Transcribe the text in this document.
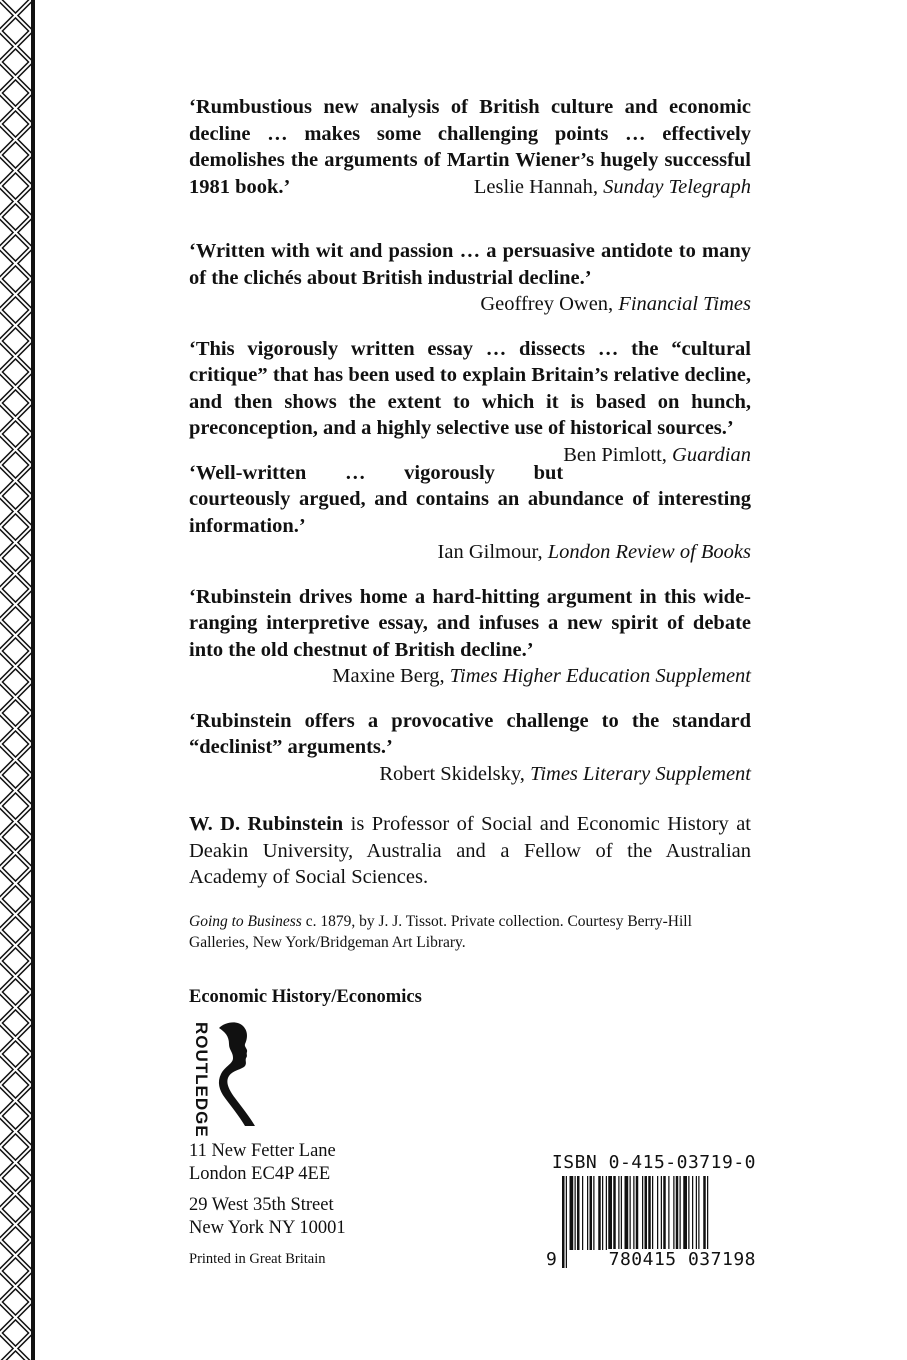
‘Rumbustious new analysis of British culture and economic decline … makes some challenging points … effectively demolishes the arguments of Martin Wiener’s hugely successful 1981 book.’	Leslie Hannah, Sunday Telegraph
‘Written with wit and passion … a persuasive antidote to many of the clichés about British industrial decline.’
Geoffrey Owen, Financial Times
‘This vigorously written essay … dissects … the “cultural critique” that has been used to explain Britain’s relative decline, and then shows the extent to which it is based on hunch, preconception, and a highly selective use of historical sources.’
Ben Pimlott, Guardian
‘Well-written … vigorously but courteously argued, and contains an abundance of interesting information.’
Ian Gilmour, London Review of Books
‘Rubinstein drives home a hard-hitting argument in this wide-ranging interpretive essay, and infuses a new spirit of debate into the old chestnut of British decline.’
Maxine Berg, Times Higher Education Supplement
‘Rubinstein offers a provocative challenge to the standard “declinist” arguments.’
Robert Skidelsky, Times Literary Supplement
W. D. Rubinstein is Professor of Social and Economic History at Deakin University, Australia and a Fellow of the Australian Academy of Social Sciences.
Going to Business c. 1879, by J. J. Tissot. Private collection. Courtesy Berry-Hill Galleries, New York/Bridgeman Art Library.
Economic History/Economics
ROUTLEDGE
11 New Fetter Lane
London EC4P 4EE
29 West 35th Street
New York NY 10001
Printed in Great Britain
ISBN 0-415-03719-0
9	780415 037198
